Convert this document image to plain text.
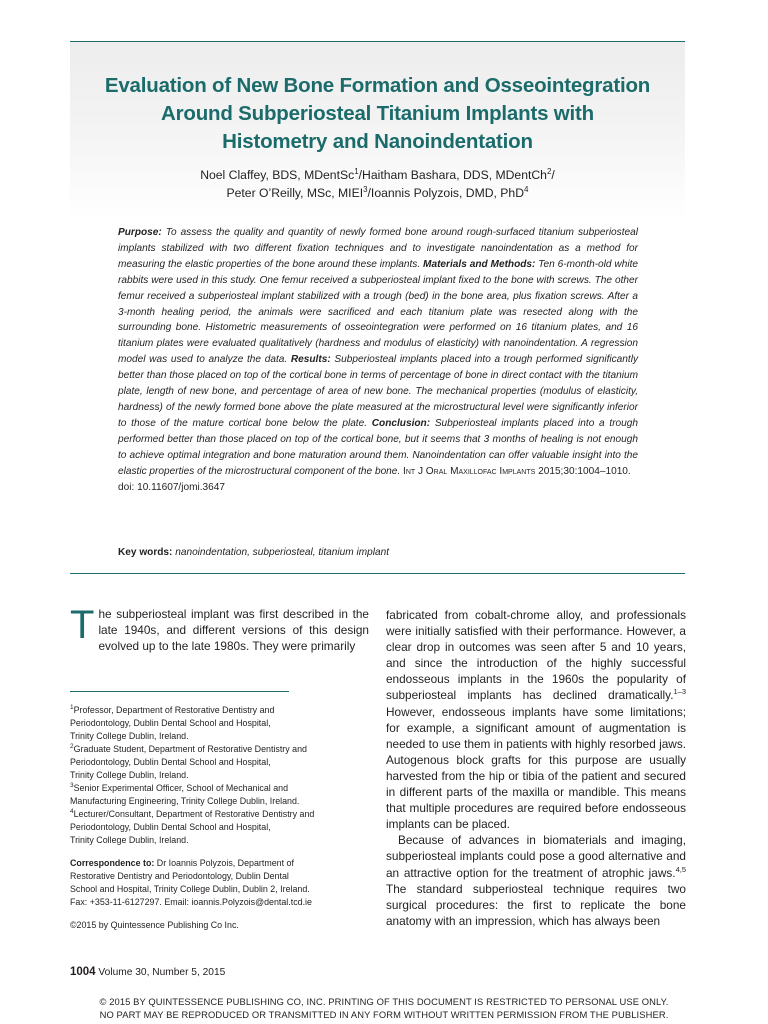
Evaluation of New Bone Formation and Osseointegration
Around Subperiosteal Titanium Implants with
Histometry and Nanoindentation
Noel Claffey, BDS, MDentSc$^1$/Haitham Bashara, DDS, MDentCh$^2$/
Peter O’Reilly, MSc, MIEI$^3$/Ioannis Polyzois, DMD, PhD$^4$
Purpose: To assess the quality and quantity of newly formed bone around rough-surfaced titanium subperiosteal implants stabilized with two different fixation techniques and to investigate nanoindentation as a method for measuring the elastic properties of the bone around these implants. Materials and Methods: Ten 6-month-old white rabbits were used in this study. One femur received a subperiosteal implant fixed to the bone with screws. The other femur received a subperiosteal implant stabilized with a trough (bed) in the bone area, plus fixation screws. After a 3-month healing period, the animals were sacrificed and each titanium plate was resected along with the surrounding bone. Histometric measurements of osseointegration were performed on 16 titanium plates, and 16 titanium plates were evaluated qualitatively (hardness and modulus of elasticity) with nanoindentation. A regression model was used to analyze the data. Results: Subperiosteal implants placed into a trough performed significantly better than those placed on top of the cortical bone in terms of percentage of bone in direct contact with the titanium plate, length of new bone, and percentage of area of new bone. The mechanical properties (modulus of elasticity, hardness) of the newly formed bone above the plate measured at the microstructural level were significantly inferior to those of the mature cortical bone below the plate. Conclusion: Subperiosteal implants placed into a trough performed better than those placed on top of the cortical bone, but it seems that 3 months of healing is not enough to achieve optimal integration and bone maturation around them. Nanoindentation can offer valuable insight into the elastic properties of the microstructural component of the bone. Int J Oral Maxillofac Implants 2015;30:1004–1010.
doi: 10.11607/jomi.3647
Key words: nanoindentation, subperiosteal, titanium implant
The subperiosteal implant was first described in the late 1940s, and different versions of this design evolved up to the late 1980s. They were primarily
$^1$Professor, Department of Restorative Dentistry and
Periodontology, Dublin Dental School and Hospital,
Trinity College Dublin, Ireland.
$^2$Graduate Student, Department of Restorative Dentistry and
Periodontology, Dublin Dental School and Hospital,
Trinity College Dublin, Ireland.
$^3$Senior Experimental Officer, School of Mechanical and
Manufacturing Engineering, Trinity College Dublin, Ireland.
$^4$Lecturer/Consultant, Department of Restorative Dentistry and
Periodontology, Dublin Dental School and Hospital,
Trinity College Dublin, Ireland.
Correspondence to: Dr Ioannis Polyzois, Department of
Restorative Dentistry and Periodontology, Dublin Dental
School and Hospital, Trinity College Dublin, Dublin 2, Ireland.
Fax: +353-11-6127297. Email: ioannis.Polyzois@dental.tcd.ie
©2015 by Quintessence Publishing Co Inc.

fabricated from cobalt-chrome alloy, and professionals were initially satisfied with their performance. However, a clear drop in outcomes was seen after 5 and 10 years, and since the introduction of the highly successful endosseous implants in the 1960s the popularity of subperiosteal implants has declined dramatically.$^{1-3}$ However, endosseous implants have some limitations; for example, a significant amount of augmentation is needed to use them in patients with highly resorbed jaws. Autogenous block grafts for this purpose are usually harvested from the hip or tibia of the patient and secured in different parts of the maxilla or mandible. This means that multiple procedures are required before endosseous implants can be placed.

Because of advances in biomaterials and imaging, subperiosteal implants could pose a good alternative and an attractive option for the treatment of atrophic jaws.$^{4,5}$ The standard subperiosteal technique requires two surgical procedures: the first to replicate the bone anatomy with an impression, which has always been

1004 Volume 30, Number 5, 2015
© 2015 BY QUINTESSENCE PUBLISHING CO, INC. PRINTING OF THIS DOCUMENT IS RESTRICTED TO PERSONAL USE ONLY.
NO PART MAY BE REPRODUCED OR TRANSMITTED IN ANY FORM WITHOUT WRITTEN PERMISSION FROM THE PUBLISHER.
